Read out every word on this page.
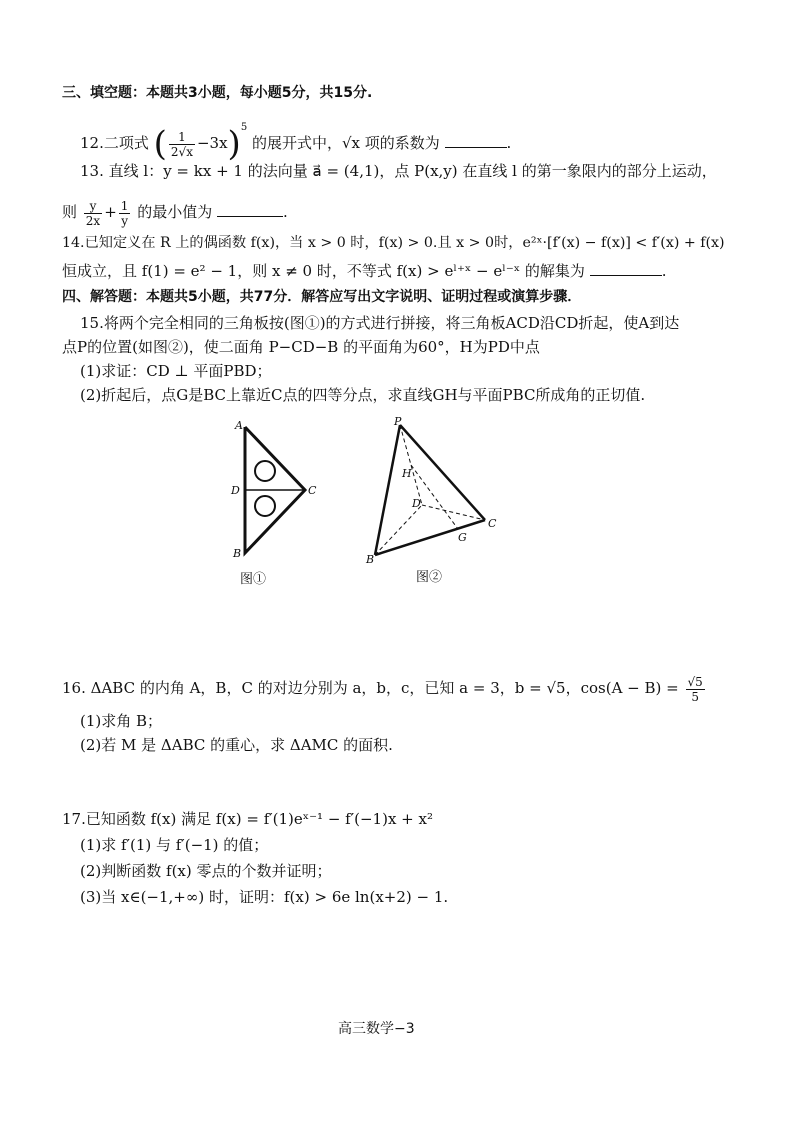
三、填空题：本题共3小题，每小题5分，共15分.
12.二项式 ( $\frac{1}{2√x} -3x)^5$ 的展开式中，√x 项的系数为	.
13. 直线 l：y = kx + 1 的法向量 a⃗ = (4,1)，点 P(x,y) 在直线 l 的第一象限内的部分上运动，
则 $\frac{y}{2x} + \frac{1}{y}$ 的最小值为	.
14.已知定义在 R 上的偶函数 f(x)，当 x > 0 时，f(x) > 0.且 x > 0时，e²ˣ·[f′(x) − f(x)] < f′(x) + f(x)
恒成立，且 f(1) = e² − 1，则 x ≠ 0 时，不等式 f(x) > eˡ⁺ˣ − eˡ⁻ˣ 的解集为	.
四、解答题：本题共5小题，共77分．解答应写出文字说明、证明过程或演算步骤．
15.将两个完全相同的三角板按(图①)的方式进行拼接，将三角板ACD沿CD折起，使A到达
点P的位置(如图②)，使二面角 P−CD−B 的平面角为60°，H为PD中点
(1)求证：CD ⊥ 平面PBD；
(2)折起后，点G是BC上靠近C点的四等分点，求直线GH与平面PBC所成角的正切值.
A
D	C
B
图①
P
H
D
C
G
B
图②
16. ΔABC 的内角 A，B，C 的对边分别为 a，b，c，已知 a = 3，b = √5，$\cos(A - B) = \frac{√5}{5}$
(1)求角 B；
(2)若 M 是 ΔABC 的重心，求 ΔAMC 的面积.
17.已知函数 f(x) 满足 f(x) = f′(1)eˣ⁻¹ − f′(−1)x + x²
(1)求 f′(1) 与 f′(−1) 的值；
(2)判断函数 f(x) 零点的个数并证明；
(3)当 x∈(−1,+∞) 时，证明：f(x) > 6e ln(x+2) − 1.
高三数学−3
